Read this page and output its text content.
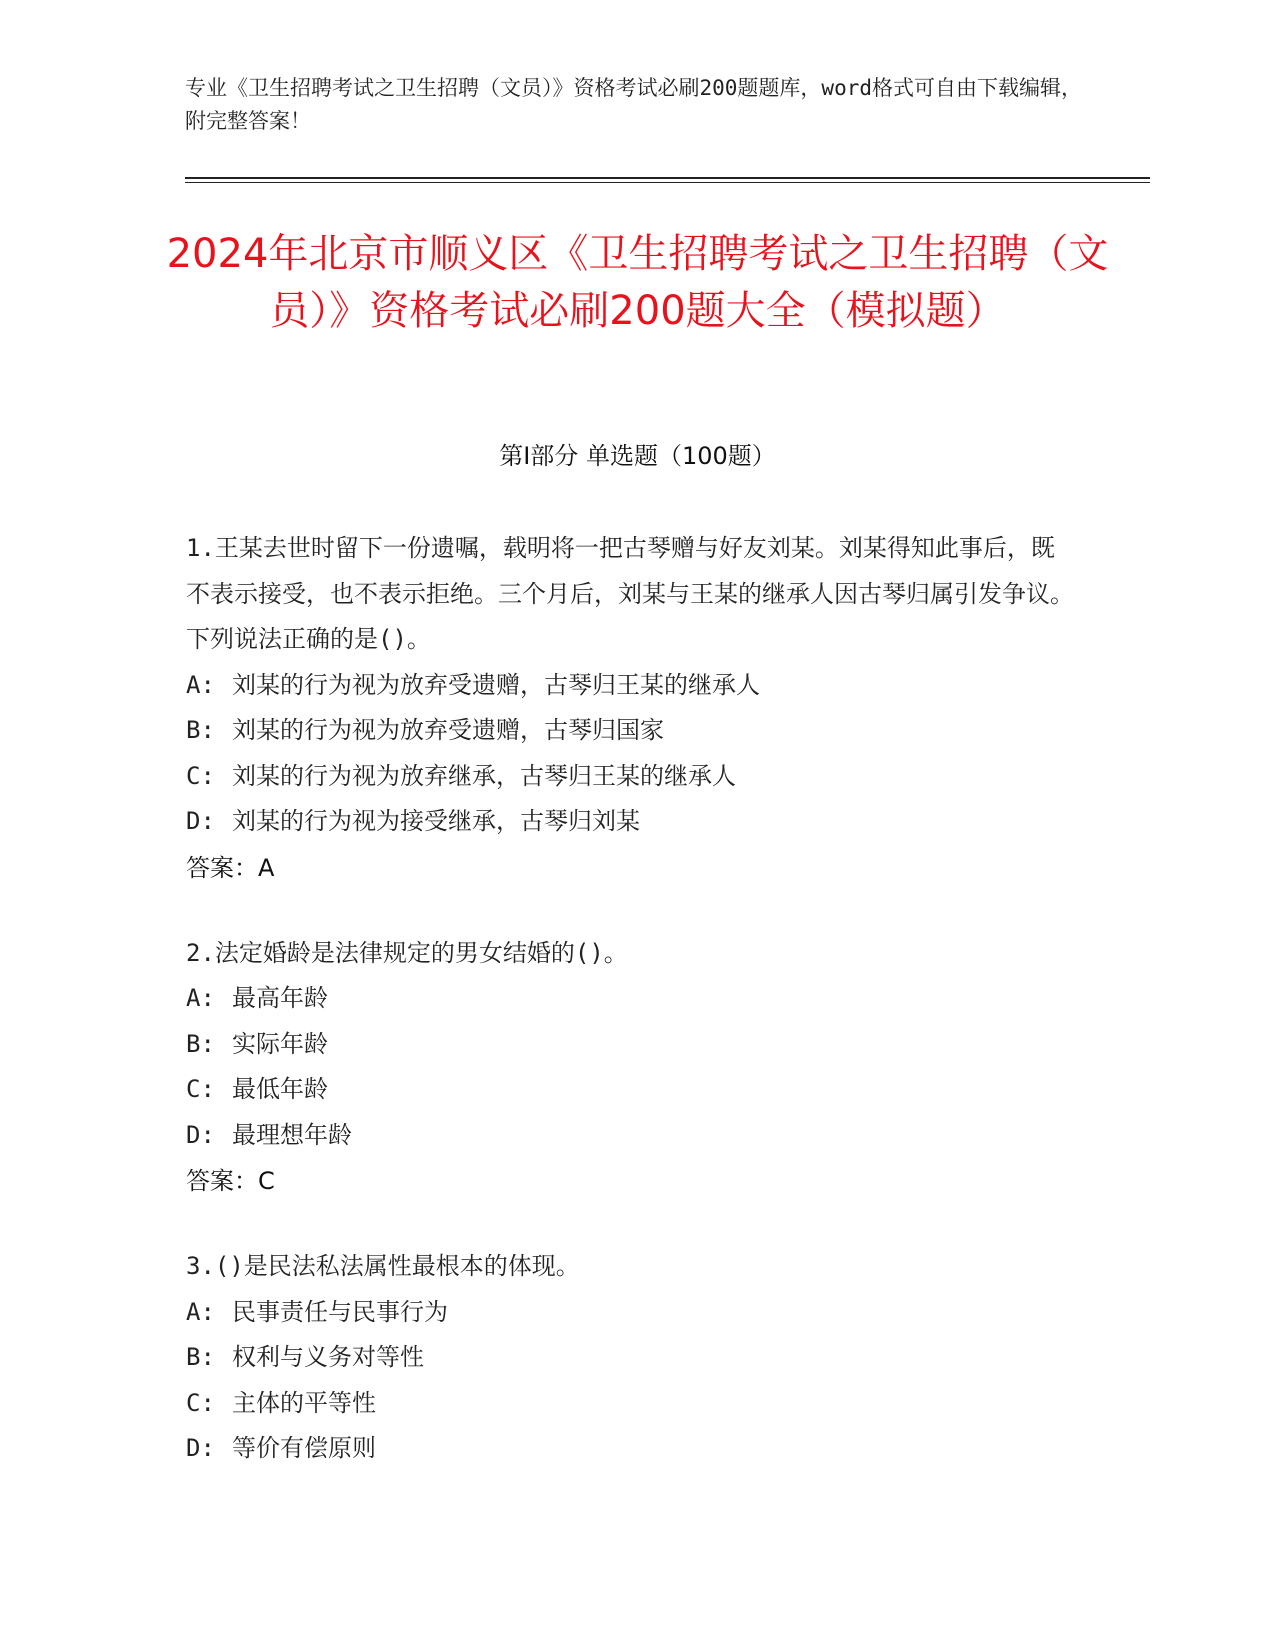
专业《卫生招聘考试之卫生招聘（文员）》资格考试必刷200题题库，word格式可自由下载编辑，附完整答案！
2024年北京市顺义区《卫生招聘考试之卫生招聘（文员）》资格考试必刷200题大全（模拟题）
第Ⅰ部分 单选题（100题）
1.王某去世时留下一份遗嘱，载明将一把古琴赠与好友刘某。刘某得知此事后，既不表示接受，也不表示拒绝。三个月后，刘某与王某的继承人因古琴归属引发争议。下列说法正确的是()。
A: 刘某的行为视为放弃受遗赠，古琴归王某的继承人
B: 刘某的行为视为放弃受遗赠，古琴归国家
C: 刘某的行为视为放弃继承，古琴归王某的继承人
D: 刘某的行为视为接受继承，古琴归刘某
答案：A
2.法定婚龄是法律规定的男女结婚的()。
A: 最高年龄
B: 实际年龄
C: 最低年龄
D: 最理想年龄
答案：C
3.()是民法私法属性最根本的体现。
A: 民事责任与民事行为
B: 权利与义务对等性
C: 主体的平等性
D: 等价有偿原则
